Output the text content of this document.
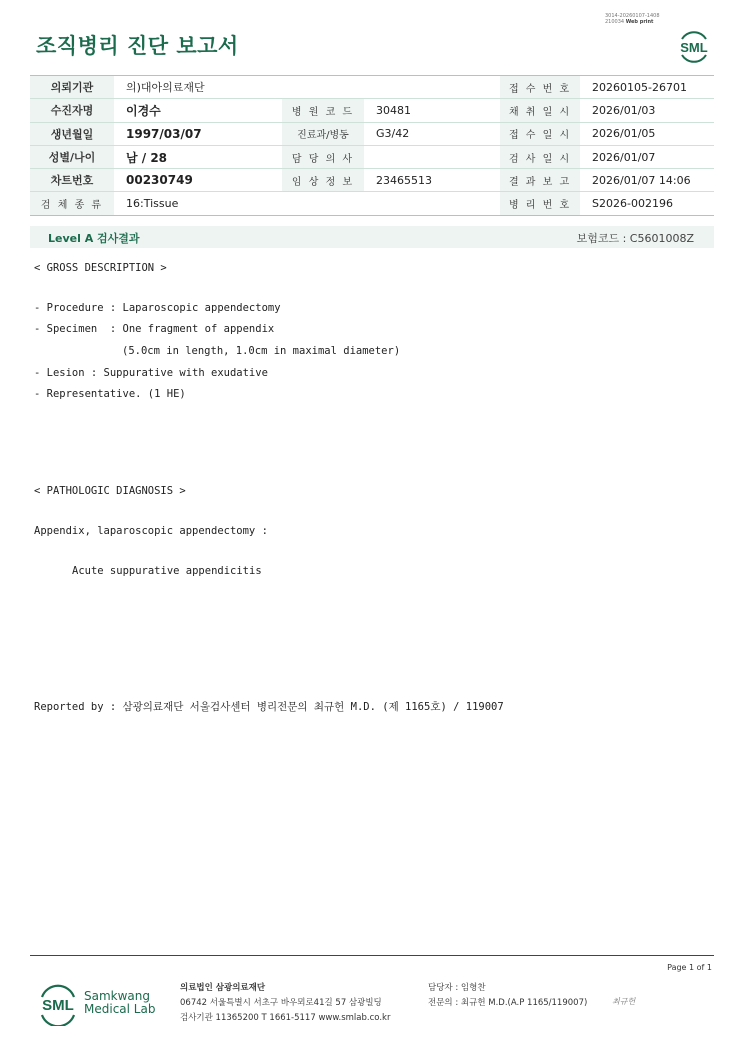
조직병리 진단 보고서
3014-20260107-1408
210034 Web print
SML
의뢰기관	의)대아의료재단			접 수 번 호	20260105-26701
수진자명	이경수	병 원 코 드	30481	채 취 일 시	2026/01/03
생년월일	1997/03/07	진료과/병동	G3/42	접 수 일 시	2026/01/05
성별/나이	남 / 28	담 당 의 사		검 사 일 시	2026/01/07
차트번호	00230749	임 상 정 보	23465513	결 과 보 고	2026/01/07 14:06
검 체 종 류	16:Tissue			병 리 번 호	S2026-002196
Level A 검사결과	보험코드 : C5601008Z
< GROSS DESCRIPTION >
- Procedure : Laparoscopic appendectomy
- Specimen  : One fragment of appendix
(5.0cm in length, 1.0cm in maximal diameter)
- Lesion : Suppurative with exudative
- Representative. (1 HE)
< PATHOLOGIC DIAGNOSIS >
Appendix, laparoscopic appendectomy :
Acute suppurative appendicitis
Reported by : 삼광의료재단 서울검사센터 병리전문의 최규헌 M.D. (제 1165호) / 119007
Page 1 of 1
SML
Samkwang
Medical Lab
의료법인 삼광의료재단
06742 서울특별시 서초구 바우뫼로41길 57 삼광빌딩
검사기관 11365200 T 1661-5117 www.smlab.co.kr
담당자 : 임형찬
전문의 : 최규헌 M.D.(A.P 1165/119007)	최규헌
